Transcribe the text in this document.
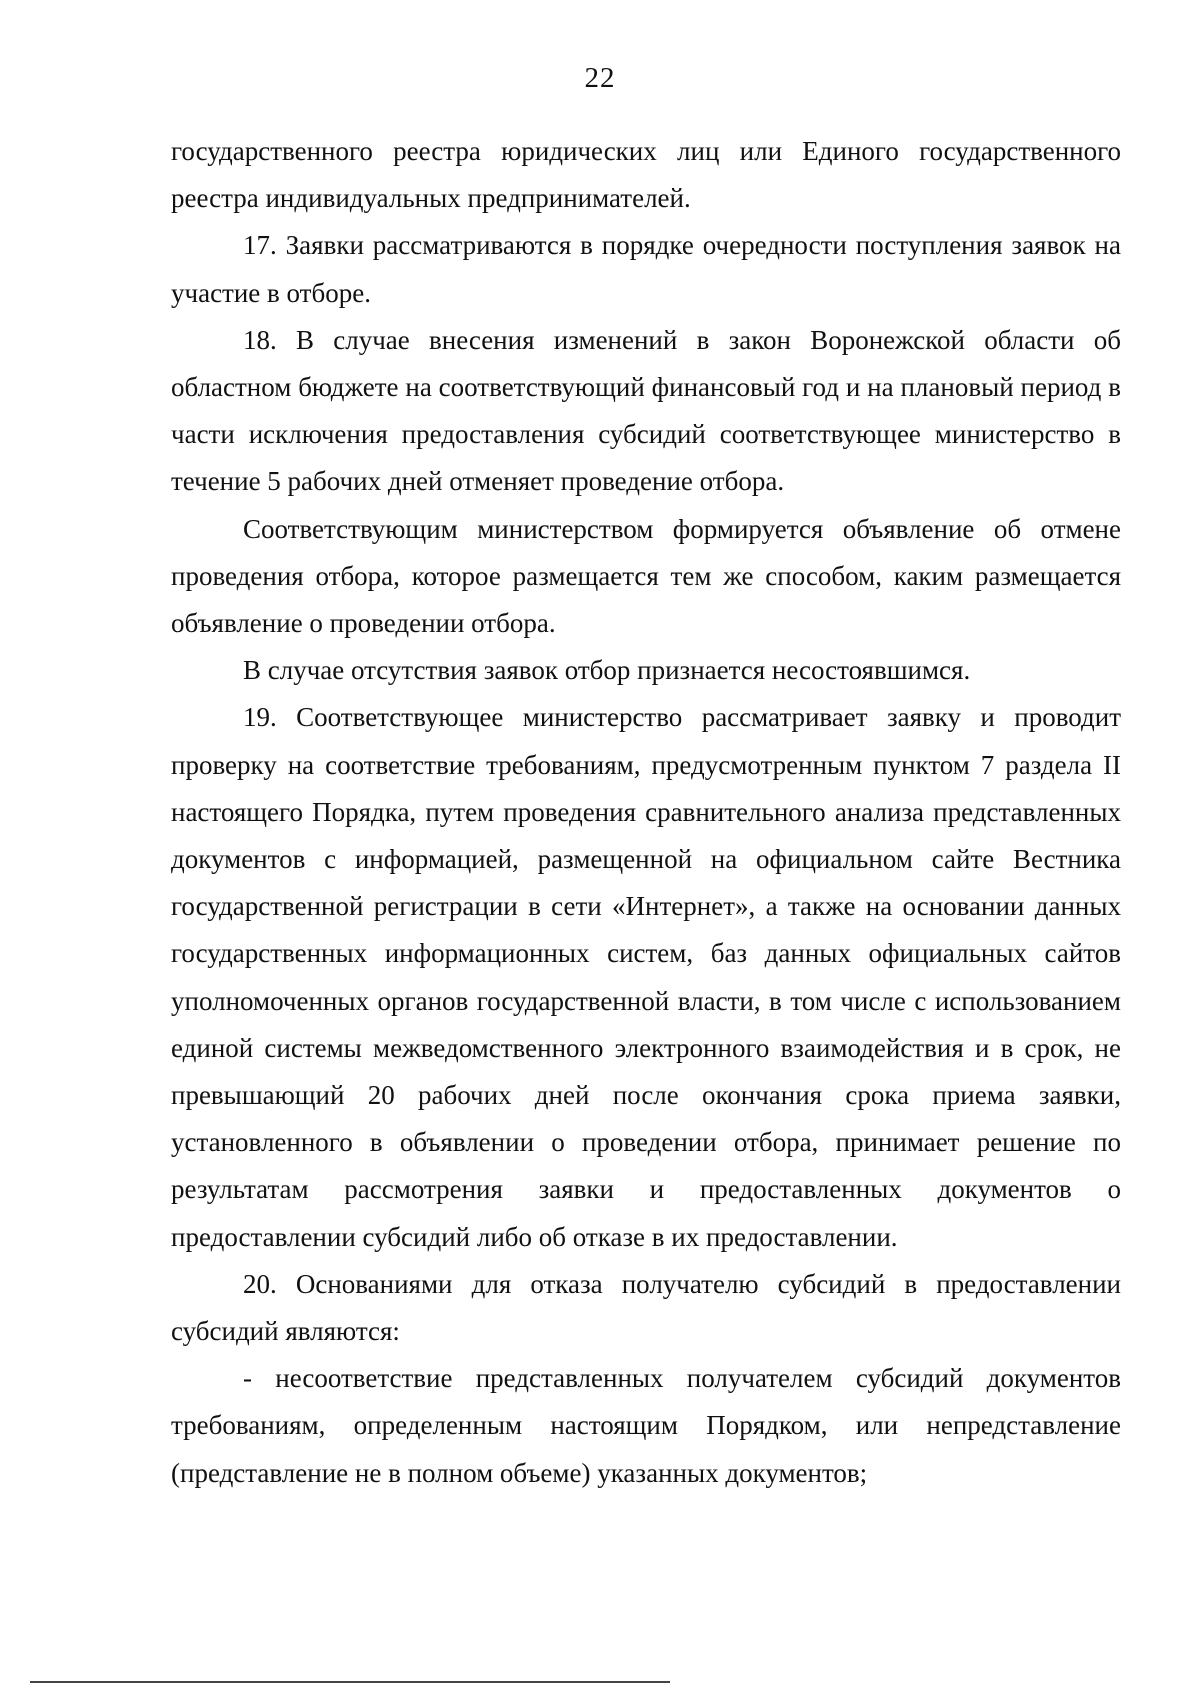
22

государственного реестра юридических лиц или Единого государственного реестра индивидуальных предпринимателей.

17. Заявки рассматриваются в порядке очередности поступления заявок на участие в отборе.

18. В случае внесения изменений в закон Воронежской области об областном бюджете на соответствующий финансовый год и на плановый период в части исключения предоставления субсидий соответствующее министерство в течение 5 рабочих дней отменяет проведение отбора.

Соответствующим министерством формируется объявление об отмене проведения отбора, которое размещается тем же способом, каким размещается объявление о проведении отбора.

В случае отсутствия заявок отбор признается несостоявшимся.

19. Соответствующее министерство рассматривает заявку и проводит проверку на соответствие требованиям, предусмотренным пунктом 7 раздела II настоящего Порядка, путем проведения сравнительного анализа представленных документов с информацией, размещенной на официальном сайте Вестника государственной регистрации в сети «Интернет», а также на основании данных государственных информационных систем, баз данных официальных сайтов уполномоченных органов государственной власти, в том числе с использованием единой системы межведомственного электронного взаимодействия и в срок, не превышающий 20 рабочих дней после окончания срока приема заявки, установленного в объявлении о проведении отбора, принимает решение по результатам рассмотрения заявки и предоставленных документов о предоставлении субсидий либо об отказе в их предоставлении.

20. Основаниями для отказа получателю субсидий в предоставлении субсидий являются:

- несоответствие представленных получателем субсидий документов требованиям, определенным настоящим Порядком, или непредставление (представление не в полном объеме) указанных документов;
